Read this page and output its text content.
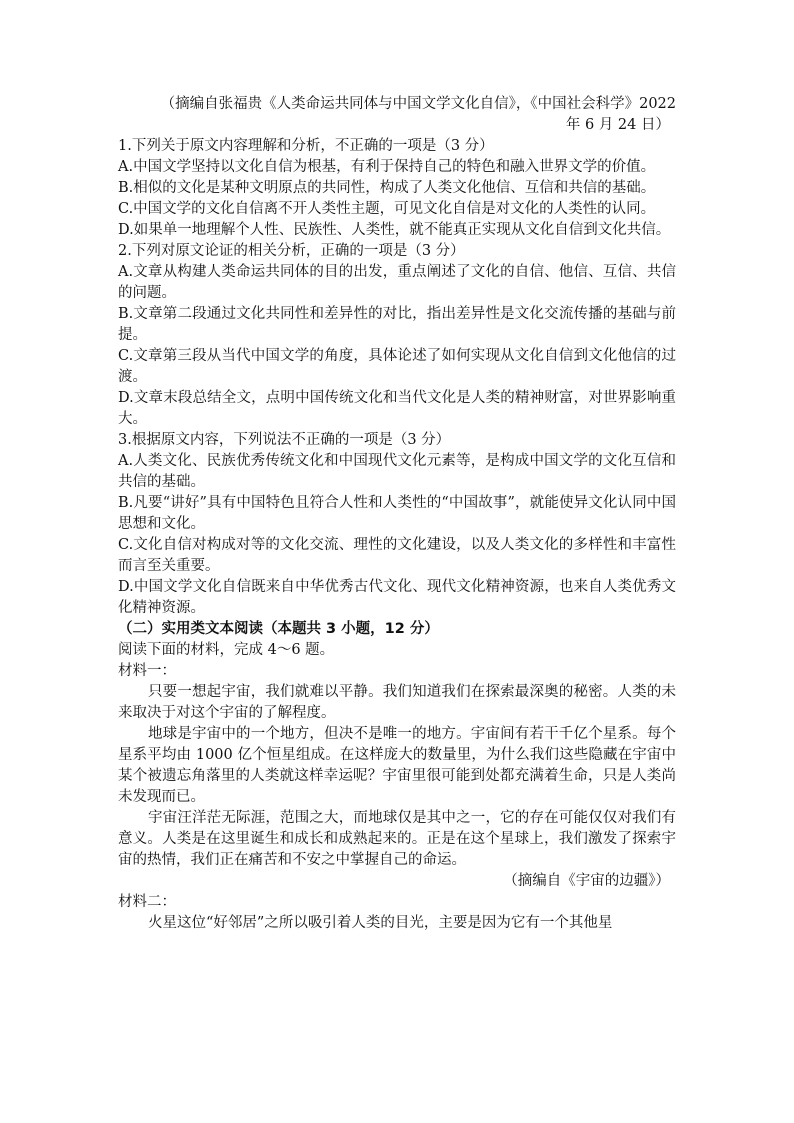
（摘编自张福贵《人类命运共同体与中国文学文化自信》，《中国社会科学》2022

年 6 月 24 日）

1.下列关于原文内容理解和分析，不正确的一项是（3 分）

A.中国文学坚持以文化自信为根基，有利于保持自己的特色和融入世界文学的价值。

B.相似的文化是某种文明原点的共同性，构成了人类文化他信、互信和共信的基础。

C.中国文学的文化自信离不开人类性主题，可见文化自信是对文化的人类性的认同。

D.如果单一地理解个人性、民族性、人类性，就不能真正实现从文化自信到文化共信。

2.下列对原文论证的相关分析，正确的一项是（3 分）

A.文章从构建人类命运共同体的目的出发，重点阐述了文化的自信、他信、互信、共信的问题。

B.文章第二段通过文化共同性和差异性的对比，指出差异性是文化交流传播的基础与前提。

C.文章第三段从当代中国文学的角度，具体论述了如何实现从文化自信到文化他信的过渡。

D.文章末段总结全文，点明中国传统文化和当代文化是人类的精神财富，对世界影响重大。

3.根据原文内容，下列说法不正确的一项是（3 分）

A.人类文化、民族优秀传统文化和中国现代文化元素等，是构成中国文学的文化互信和共信的基础。

B.凡要“讲好”具有中国特色且符合人性和人类性的“中国故事”，就能使异文化认同中国思想和文化。

C.文化自信对构成对等的文化交流、理性的文化建设，以及人类文化的多样性和丰富性而言至关重要。

D.中国文学文化自信既来自中华优秀古代文化、现代文化精神资源，也来自人类优秀文化精神资源。

（二）实用类文本阅读（本题共 3 小题，12 分）

阅读下面的材料，完成 4～6 题。

材料一：

只要一想起宇宙，我们就难以平静。我们知道我们在探索最深奥的秘密。人类的未来取决于对这个宇宙的了解程度。

地球是宇宙中的一个地方，但决不是唯一的地方。宇宙间有若干千亿个星系。每个星系平均由 1000 亿个恒星组成。在这样庞大的数量里，为什么我们这些隐藏在宇宙中某个被遗忘角落里的人类就这样幸运呢？宇宙里很可能到处都充满着生命，只是人类尚未发现而已。

宇宙汪洋茫无际涯，范围之大，而地球仅是其中之一，它的存在可能仅仅对我们有意义。人类是在这里诞生和成长和成熟起来的。正是在这个星球上，我们激发了探索宇宙的热情，我们正在痛苦和不安之中掌握自己的命运。

（摘编自《宇宙的边疆》）

材料二：

火星这位“好邻居”之所以吸引着人类的目光，主要是因为它有一个其他星
